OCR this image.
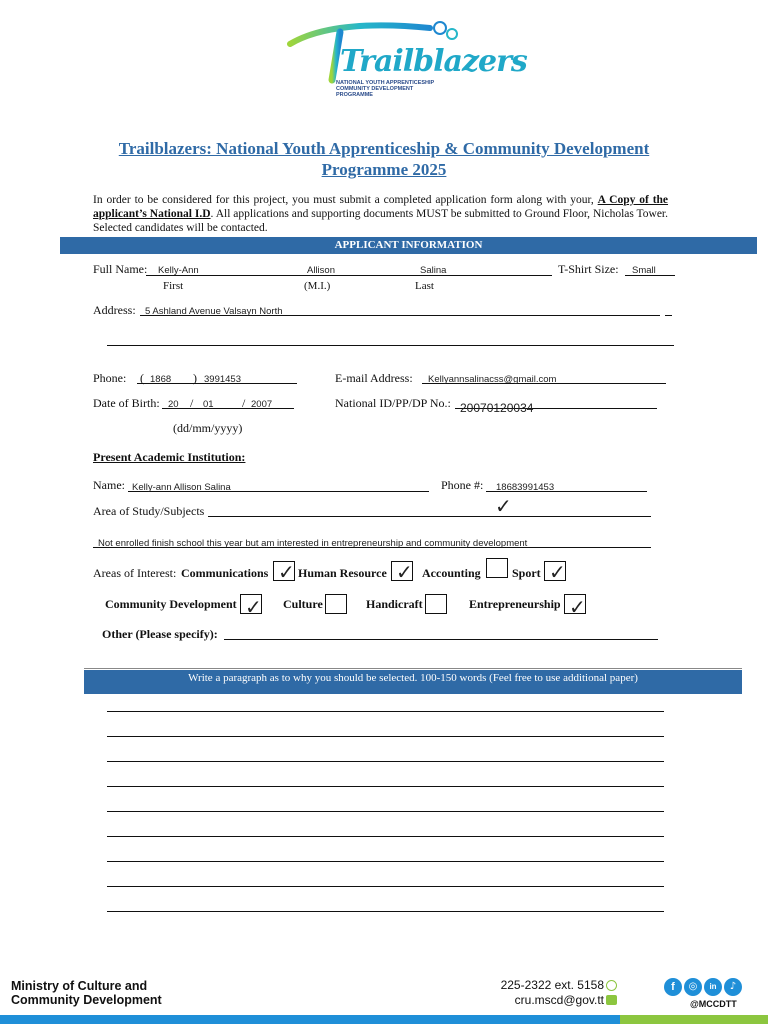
Trailblazers
NATIONAL YOUTH APPRENTICESHIP
COMMUNITY DEVELOPMENT
PROGRAMME
Trailblazers: National Youth Apprenticeship & Community Development
Programme 2025
In order to be considered for this project, you must submit a completed application form along with your, A Copy of the applicant’s National I.D. All applications and supporting documents MUST be submitted to Ground Floor, Nicholas Tower. Selected candidates will be contacted.
APPLICANT INFORMATION
Full Name: Kelly-Ann	Allison	Salina
First	(M.I.)	Last
T-Shirt Size: Small
Address: 5 Ashland Avenue Valsayn North
Phone: ( 1868 ) 3991453	E-mail Address: Kellyannsalinacss@gmail.com
Date of Birth: 20 / 01 / 2007
(dd/mm/yyyy)
National ID/PP/DP No.: 20070120034
Present Academic Institution:
Name: Kelly-ann Allison Salina	Phone #: 18683991453
Area of Study/Subjects	✓
Not enrolled finish school this year but am interested in entrepreneurship and community development
Areas of Interest: Communications ✓ Human Resource ✓ Accounting	Sport ✓
Community Development ✓ Culture	Handicraft	Entrepreneurship ✓
Other (Please specify):
Write a paragraph as to why you should be selected. 100-150 words (Feel free to use additional paper)
Ministry of Culture and
Community Development
225-2322 ext. 5158
cru.mscd@gov.tt
f	◎	in	♪
@MCCDTT
